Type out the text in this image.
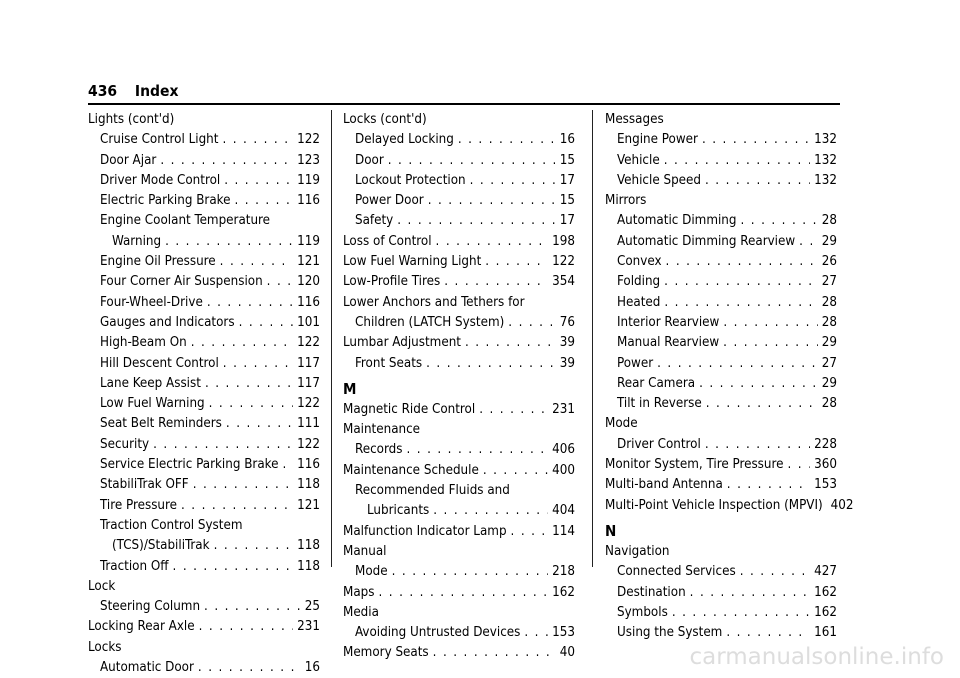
436 Index
Lights (cont'd)
Cruise Control Light . . .	122
Door Ajar . . .	123
Driver Mode Control . . .	119
Electric Parking Brake . . .	116
Engine Coolant Temperature
Warning . . .	119
Engine Oil Pressure . . .	121
Four Corner Air Suspension . . .	120
Four-Wheel-Drive . . .	116
Gauges and Indicators . . .	101
High-Beam On . . .	122
Hill Descent Control . . .	117
Lane Keep Assist . . .	117
Low Fuel Warning . . .	122
Seat Belt Reminders . . .	111
Security . . .	122
Service Electric Parking Brake . . . 116
StabiliTrak OFF . . .	118
Tire Pressure . . .	121
Traction Control System
(TCS)/StabiliTrak . . .	118
Traction Off . . .	118
Lock
Steering Column . . .	25
Locking Rear Axle . . .	231
Locks
Automatic Door . . .	16
Locks (cont'd)
Delayed Locking . . .	16
Door . . .	15
Lockout Protection . . .	17
Power Door . . .	15
Safety . . .	17
Loss of Control . . .	198
Low Fuel Warning Light . . .	122
Low-Profile Tires . . .	354
Lower Anchors and Tethers for
Children (LATCH System) . . .	76
Lumbar Adjustment . . .	39
Front Seats . . .	39
M
Magnetic Ride Control . . .	231
Maintenance
Records . . .	406
Maintenance Schedule . . .	400
Recommended Fluids and
Lubricants . . .	404
Malfunction Indicator Lamp . . .	114
Manual
Mode . . .	218
Maps . . .	162
Media
Avoiding Untrusted Devices . . . 153
Memory Seats . . .	40
Messages
Engine Power . . .	132
Vehicle . . .	132
Vehicle Speed . . .	132
Mirrors
Automatic Dimming . . .	28
Automatic Dimming Rearview . . . 29
Convex . . .	26
Folding . . .	27
Heated . . .	28
Interior Rearview . . .	28
Manual Rearview . . .	29
Power . . .	27
Rear Camera . . .	29
Tilt in Reverse . . .	28
Mode
Driver Control . . .	228
Monitor System, Tire Pressure . . . 360
Multi-band Antenna . . .	153
Multi-Point Vehicle Inspection (MPVI) 402
N
Navigation
Connected Services . . .	427
Destination . . .	162
Symbols . . .	162
Using the System . . .	161
carmanualsonline.info
